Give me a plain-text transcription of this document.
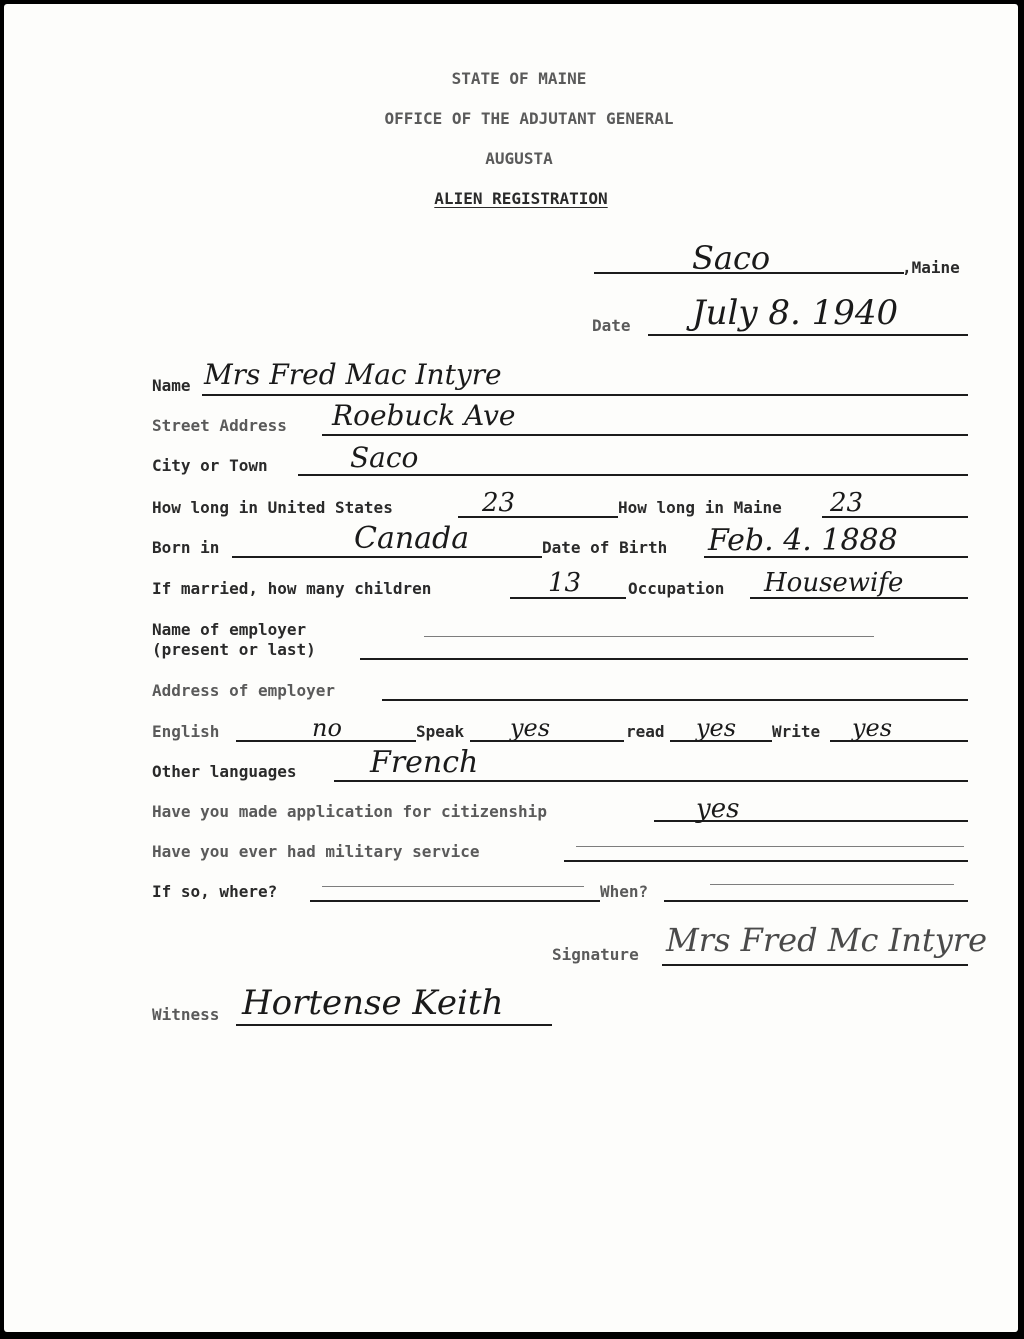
STATE OF MAINE
OFFICE OF THE ADJUTANT GENERAL
AUGUSTA
ALIEN REGISTRATION
Saco	,Maine
Date July 8. 1940
Name Mrs Fred Mac Intyre
Street Address Roebuck Ave
City or Town	Saco
How long in United States	23	How long in Maine 23
Born in	Canada	Date of Birth Feb. 4. 1888
If married, how many children	13	Occupation Housewife
Name of employer
(present or last)
Address of employer
English	no	Speak yes	read yes Write yes
Other languages French
Have you made application for citizenship	yes
Have you ever had military service
If so, where?	When?
Signature Mrs Fred Mc Intyre
Witness Hortense Keith
